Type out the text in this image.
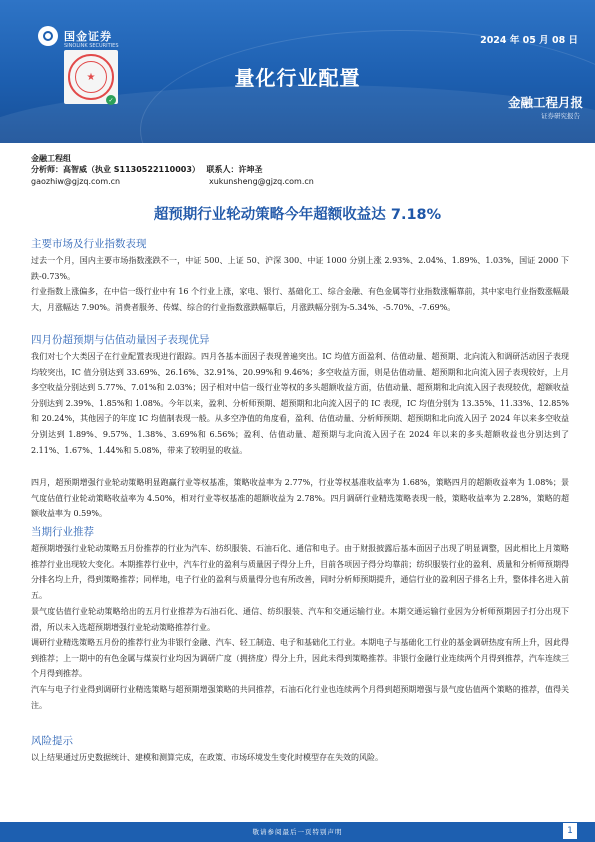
国金证券
SINOLINK SECURITIES
★
✓
2024 年 05 月 08 日
量化行业配置
金融工程月报
证券研究报告
金融工程组
分析师：高智威（执业 S1130522110003） 联系人：许坤圣
gaozhiw@gjzq.com.cn	xukunsheng@gjzq.com.cn
超预期行业轮动策略今年超额收益达 7.18%
主要市场及行业指数表现
过去一个月，国内主要市场指数涨跌不一，中证 500、上证 50、沪深 300、中证 1000 分别上涨 2.93%、2.04%、1.89%、1.03%，国证 2000 下跌-0.73%。
行业指数上涨偏多，在中信一级行业中有 16 个行业上涨，家电、银行、基础化工、综合金融、有色金属等行业指数涨幅靠前，其中家电行业指数涨幅最大，月涨幅达 7.90%。消费者服务、传媒、综合的行业指数涨跌幅靠后，月涨跌幅分别为-5.34%、-5.70%、-7.69%。
四月份超预期与估值动量因子表现优异
我们对七个大类因子在行业配置表现进行跟踪。四月各基本面因子表现普遍突出。IC 均值方面盈利、估值动量、超预期、北向流入和调研活动因子表现均较突出，IC 值分别达到 33.69%、26.16%、32.91%、20.99%和 9.46%；多空收益方面，则是估值动量、超预期和北向流入因子表现较好，上月多空收益分别达到 5.77%、7.01%和 2.03%；因子相对中信一级行业等权的多头超额收益方面，估值动量、超预期和北向流入因子表现较优，超额收益分别达到 2.39%、1.85%和 1.08%。今年以来，盈利、分析师预期、超预期和北向流入因子的 IC 表现，IC 均值分别为 13.35%、11.33%、12.85%和 20.24%，其他因子的年度 IC 均值制表现一般。从多空净值的角度看，盈利、估值动量、分析师预期、超预期和北向流入因子 2024 年以来多空收益分别达到 1.89%、9.57%、1.38%、3.69%和 6.56%；盈利、估值动量、超预期与北向流入因子在 2024 年以来的多头超额收益也分别达到了 2.11%、1.67%、1.44%和 5.08%，带来了较明显的收益。
四月，超预期增强行业轮动策略明显跑赢行业等权基准，策略收益率为 2.77%，行业等权基准收益率为 1.68%，策略四月的超额收益率为 1.08%；景气度估值行业轮动策略收益率为 4.50%，相对行业等权基准的超额收益为 2.78%。四月调研行业精选策略表现一般，策略收益率为 2.28%，策略的超额收益率为 0.59%。
当期行业推荐
超预期增强行业轮动策略五月份推荐的行业为汽车、纺织服装、石油石化、通信和电子。由于财报披露后基本面因子出现了明显调整，因此相比上月策略推荐行业出现较大变化。本期推荐行业中，汽车行业的盈利与质量因子得分上升，目前各项因子得分均靠前；纺织服装行业的盈利、质量和分析师预期得分排名均上升，得到策略推荐；同样地，电子行业的盈利与质量得分也有所改善，同时分析师预期提升，通信行业的盈利因子排名上升，整体排名进入前五。
景气度估值行业轮动策略给出的五月行业推荐为石油石化、通信、纺织服装、汽车和交通运输行业。本期交通运输行业因为分析师预期因子打分出现下滑，所以未入选超预期增强行业轮动策略推荐行业。
调研行业精选策略五月份的推荐行业为非银行金融、汽车、轻工制造、电子和基础化工行业。本期电子与基础化工行业的基金调研热度有所上升，因此得到推荐；上一期中的有色金属与煤炭行业均因为调研广度（拥挤度）得分上升，因此未得到策略推荐。非银行金融行业连续两个月得到推荐，汽车连续三个月得到推荐。
汽车与电子行业得到调研行业精选策略与超预期增强策略的共同推荐，石油石化行业也连续两个月得到超预期增强与景气度估值两个策略的推荐，值得关注。
风险提示
以上结果通过历史数据统计、建模和测算完成，在政策、市场环境发生变化时模型存在失效的风险。
敬请参阅最后一页特别声明	1
